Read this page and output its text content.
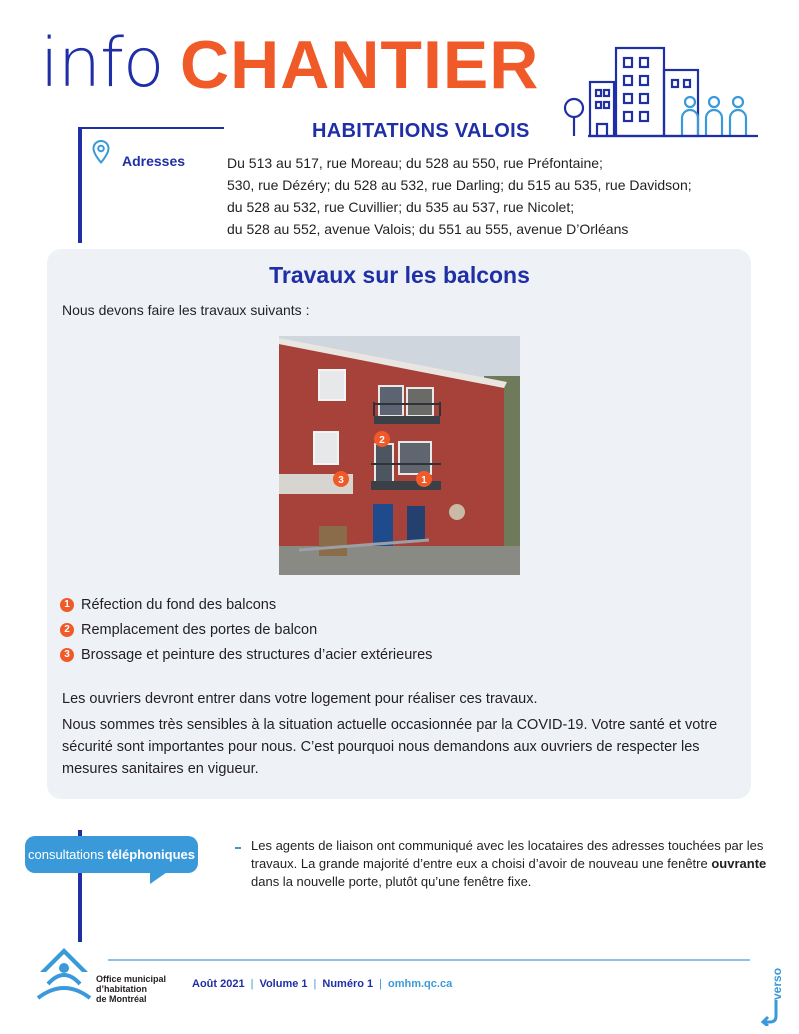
info CHANTIER
HABITATIONS VALOIS
Adresses	Du 513 au 517, rue Moreau; du 528 au 550, rue Préfontaine;
530, rue Dézéry; du 528 au 532, rue Darling; du 515 au 535, rue Davidson;
du 528 au 532, rue Cuvillier; du 535 au 537, rue Nicolet;
du 528 au 552, avenue Valois; du 551 au 555, avenue D’Orléans
Travaux sur les balcons
Nous devons faire les travaux suivants :
2
3	1
1 Réfection du fond des balcons
2 Remplacement des portes de balcon
3 Brossage et peinture des structures d’acier extérieures
Les ouvriers devront entrer dans votre logement pour réaliser ces travaux.
Nous sommes très sensibles à la situation actuelle occasionnée par la COVID-19. Votre santé et votre sécurité sont importantes pour nous. C’est pourquoi nous demandons aux ouvriers de respecter les mesures sanitaires en vigueur.
consultations téléphoniques
Les agents de liaison ont communiqué avec les locataires des adresses touchées par les travaux. La grande majorité d’entre eux a choisi d’avoir de nouveau une fenêtre ouvrante dans la nouvelle porte, plutôt qu’une fenêtre fixe.
Office municipal
d’habitation
de Montréal
Août 2021 | Volume 1 | Numéro 1 | omhm.qc.ca	verso
